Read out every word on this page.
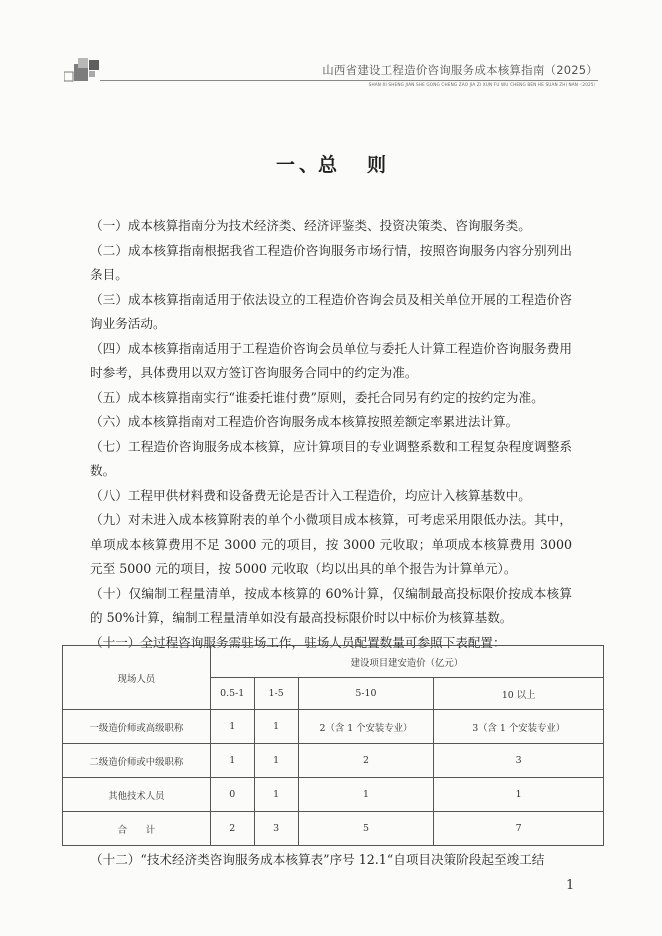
山西省建设工程造价咨询服务成本核算指南（2025）
SHAN XI SHENG JIAN SHE GONG CHENG ZAO JIA ZI XUN FU WU CHENG BEN HE SUAN ZHI NAN（2025）
一 、总 则

（一）成本核算指南分为技术经济类、经济评鉴类、投资决策类、咨询服务类。

（二）成本核算指南根据我省工程造价咨询服务市场行情，按照咨询服务内容分别列出条目。

（三）成本核算指南适用于依法设立的工程造价咨询会员及相关单位开展的工程造价咨询业务活动。

（四）成本核算指南适用于工程造价咨询会员单位与委托人计算工程造价咨询服务费用时参考，具体费用以双方签订咨询服务合同中的约定为准。

（五）成本核算指南实行“谁委托谁付费”原则，委托合同另有约定的按约定为准。

（六）成本核算指南对工程造价咨询服务成本核算按照差额定率累进法计算。

（七）工程造价咨询服务成本核算，应计算项目的专业调整系数和工程复杂程度调整系数。

（八）工程甲供材料费和设备费无论是否计入工程造价，均应计入核算基数中。

（九）对未进入成本核算附表的单个小微项目成本核算，可考虑采用限低办法。其中，单项成本核算费用不足 3000 元的项目，按 3000 元收取；单项成本核算费用 3000 元至 5000 元的项目，按 5000 元收取（均以出具的单个报告为计算单元）。

（十）仅编制工程量清单，按成本核算的 60%计算，仅编制最高投标限价按成本核算的 50%计算，编制工程量清单如没有最高投标限价时以中标价为核算基数。

（十一）全过程咨询服务需驻场工作，驻场人员配置数量可参照下表配置：

现场人员	建设项目建安造价（亿元）			
	0.5-1	1-5	5-10	10 以上
一级造价师或高级职称	1	1	2（含 1 个安装专业）	3（含 1 个安装专业）
二级造价师或中级职称	1	1	2	3
其他技术人员	0	1	1	1
合　　计	2	3	5	7

（十二）“技术经济类咨询服务成本核算表”序号 12.1“自项目决策阶段起至竣工结

1
